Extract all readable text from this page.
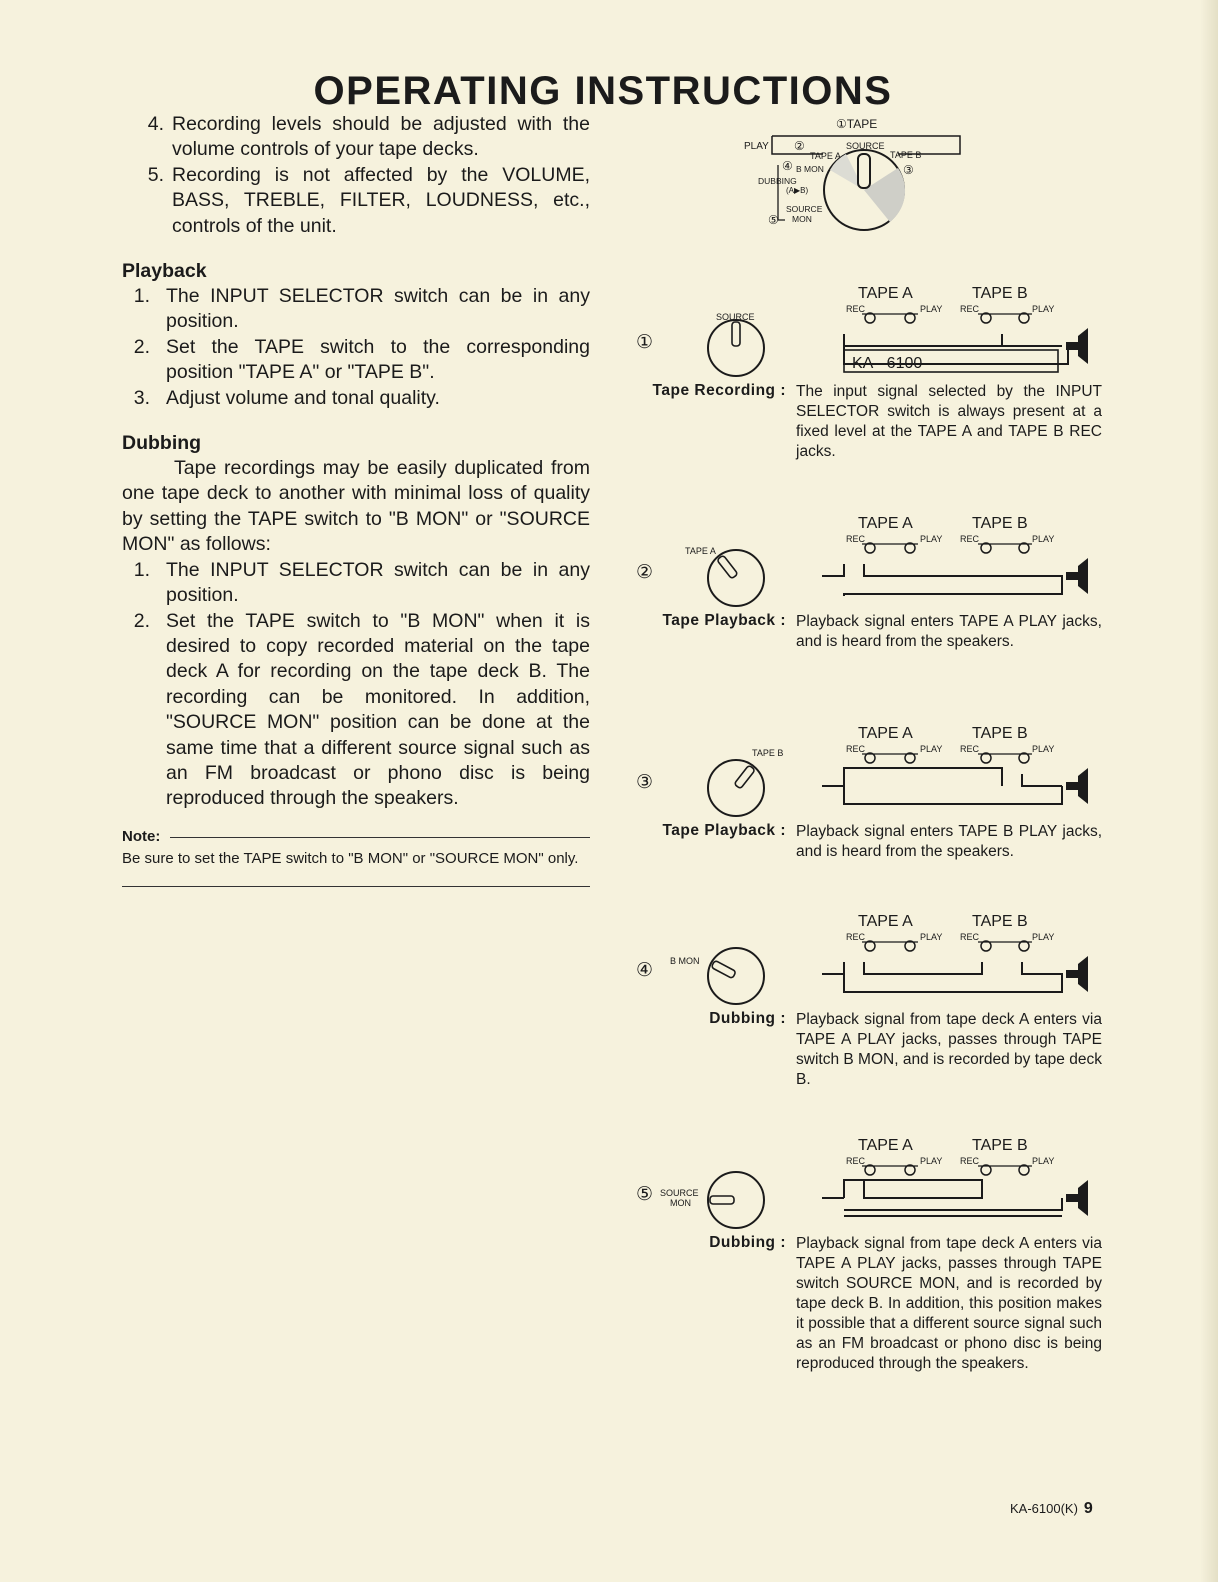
OPERATING INSTRUCTIONS
4. Recording levels should be adjusted with the volume controls of your tape decks.
5. Recording is not affected by the VOLUME, BASS, TREBLE, FILTER, LOUDNESS, etc., controls of the unit.
Playback
1. The INPUT SELECTOR switch can be in any position.
2. Set the TAPE switch to the corresponding position "TAPE A" or "TAPE B".
3. Adjust volume and tonal quality.
Dubbing
Tape recordings may be easily duplicated from one tape deck to another with minimal loss of quality by setting the TAPE switch to "B MON" or "SOURCE MON" as follows:
1. The INPUT SELECTOR switch can be in any position.
2. Set the TAPE switch to "B MON" when it is desired to copy recorded material on the tape deck A for recording on the tape deck B. The recording can be monitored. In addition, "SOURCE MON" position can be done at the same time that a different source signal such as an FM broadcast or phono disc is being reproduced through the speakers.
Note:
Be sure to set the TAPE switch to "B MON" or "SOURCE MON" only.
①TAPE
PLAY ②
TAPE A
SOURCE
TAPE B
③
④ B MON
DUBBING
(A▶B)
SOURCE
MON
⑤
①
SOURCE
TAPE A	TAPE B
REC	PLAY REC	PLAY
KA - 6100
Tape Recording : The input signal selected by the INPUT SELECTOR switch is always present at a fixed level at the TAPE A and TAPE B REC jacks.
②
TAPE A
TAPE A	TAPE B
REC	PLAY REC	PLAY
Tape Playback : Playback signal enters TAPE A PLAY jacks, and is heard from the speakers.
③
TAPE B
TAPE A	TAPE B
REC	PLAY REC	PLAY
Tape Playback : Playback signal enters TAPE B PLAY jacks, and is heard from the speakers.
④ B MON
TAPE A	TAPE B
REC	PLAY REC	PLAY
Dubbing : Playback signal from tape deck A enters via TAPE A PLAY jacks, passes through TAPE switch B MON, and is recorded by tape deck B.
⑤ SOURCE
MON
TAPE A	TAPE B
REC	PLAY REC	PLAY
Dubbing : Playback signal from tape deck A enters via TAPE A PLAY jacks, passes through TAPE switch SOURCE MON, and is recorded by tape deck B. In addition, this position makes it possible that a different source signal such as an FM broadcast or phono disc is being reproduced through the speakers.
KA-6100(K) 9
